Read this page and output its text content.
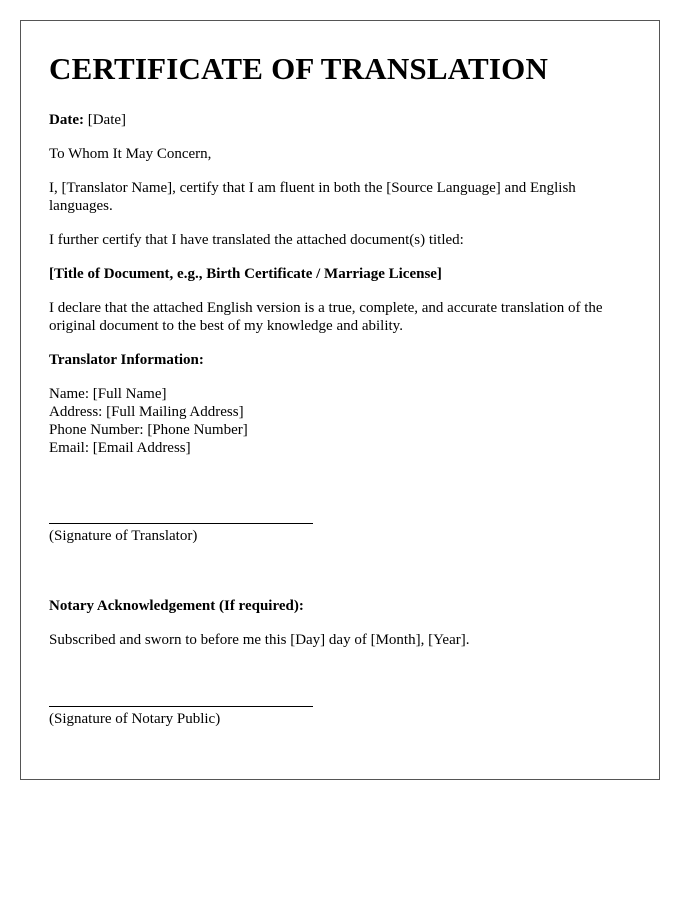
CERTIFICATE OF TRANSLATION

Date: [Date]

To Whom It May Concern,

I, [Translator Name], certify that I am fluent in both the [Source Language] and English languages.

I further certify that I have translated the attached document(s) titled:

[Title of Document, e.g., Birth Certificate / Marriage License]

I declare that the attached English version is a true, complete, and accurate translation of the original document to the best of my knowledge and ability.

Translator Information:

Name: [Full Name]

Address: [Full Mailing Address]

Phone Number: [Phone Number]

Email: [Email Address]

(Signature of Translator)

Notary Acknowledgement (If required):

Subscribed and sworn to before me this [Day] day of [Month], [Year].

(Signature of Notary Public)
